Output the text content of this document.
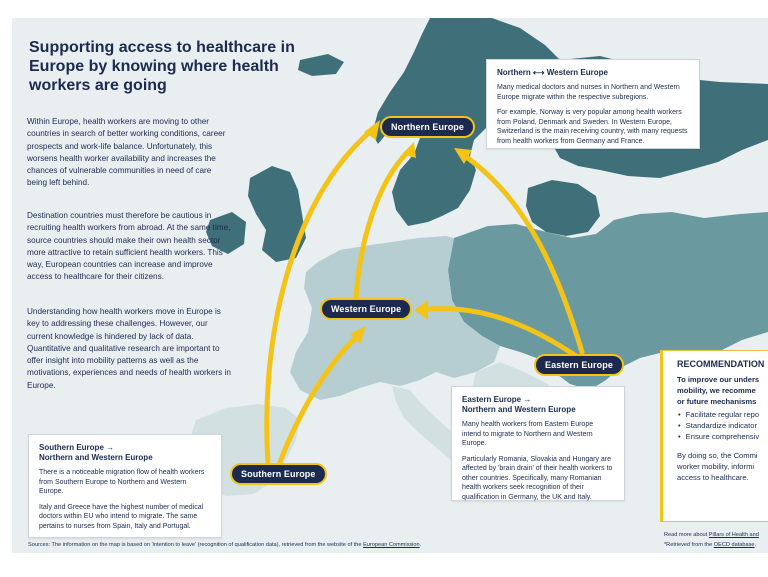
Supporting access to healthcare in Europe by knowing where health workers are going

Within Europe, health workers are moving to other countries in search of better working conditions, career prospects and work-life balance. Unfortunately, this worsens health worker availability and increases the chances of vulnerable communities in need of care being left behind.

Destination countries must therefore be cautious in recruiting health workers from abroad. At the same time, source countries should make their own health sector more attractive to retain sufficient health workers. This way, European countries can increase and improve access to healthcare for their citizens.

Understanding how health workers move in Europe is key to addressing these challenges. However, our current knowledge is hindered by lack of data. Quantitative and qualitative research are important to offer insight into mobility patterns as well as the motivations, experiences and needs of health workers in Europe.

Northern Europe
Western Europe
Eastern Europe
Southern Europe
Northern ⟷ Western Europe

Many medical doctors and nurses in Northern and Western Europe migrate within the respective subregions.

For example, Norway is very popular among health workers from Poland, Denmark and Sweden. In Western Europe, Switzerland is the main receiving country, with many requests from health workers from Germany and France.

Eastern Europe →
Northern and Western Europe

Many health workers from Eastern Europe intend to migrate to Northern and Western Europe.

Particularly Romania, Slovakia and Hungary are affected by 'brain drain' of their health workers to other countries. Specifically, many Romanian health workers seek recognition of their qualification in Germany, the UK and Italy.

Southern Europe →
Northern and Western Europe

There is a noticeable migration flow of health workers from Southern Europe to Northern and Western Europe.

Italy and Greece have the highest number of medical doctors within EU who intend to migrate. The same pertains to nurses from Spain, Italy and Portugal.

RECOMMENDATION
To improve our unders
mobility, we recomme
or future mechanisms
• Facilitate regular repo
• Standardize indicator
• Ensure comprehensiv
By doing so, the Commi
worker mobility, informi
access to healthcare.
Sources: The information on the map is based on 'intention to leave' (recognition of qualification data), retrieved from the website of the European Commission.
Read more about Pillars of Health and
*Retrieved from the OECD database.
